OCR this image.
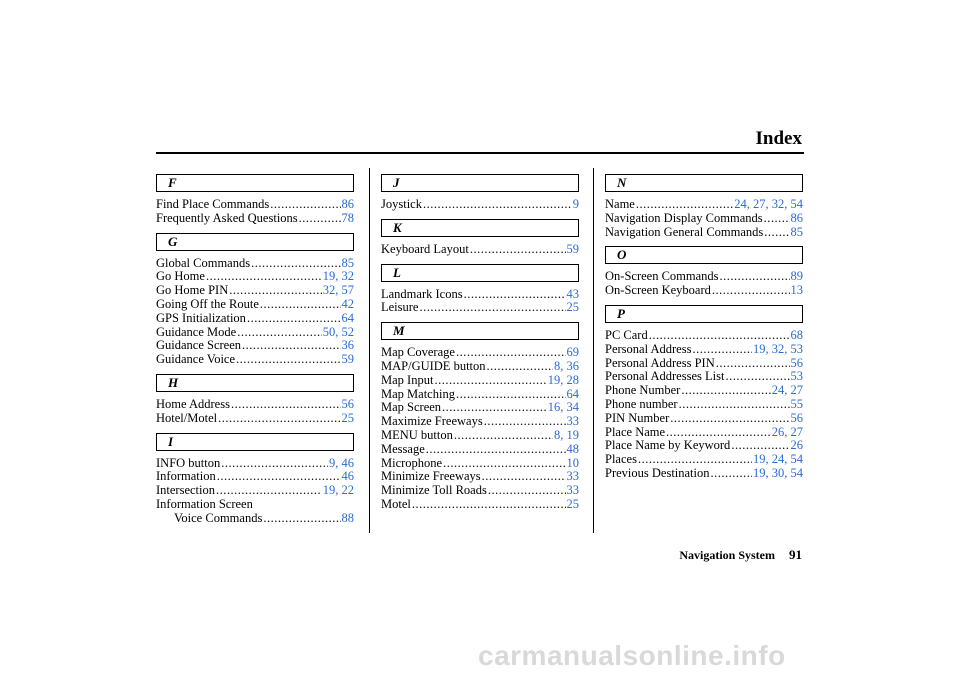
Index
F
Find Place Commands .....	86
Frequently Asked Questions .....	78
G
Global Commands .....	85
Go Home .....	19, 32
Go Home PIN .....	32, 57
Going Off the Route .....	42
GPS Initialization .....	64
Guidance Mode .....	50, 52
Guidance Screen .....	36
Guidance Voice .....	59
H
Home Address .....	56
Hotel/Motel .....	25
I
INFO button .....	9, 46
Information .....	46
Intersection .....	19, 22
Information Screen
Voice Commands .....	88
J
Joystick .....	9
K
Keyboard Layout .....	59
L
Landmark Icons .....	43
Leisure .....	25
M
Map Coverage .....	69
MAP/GUIDE button .....	8, 36
Map Input .....	19, 28
Map Matching .....	64
Map Screen .....	16, 34
Maximize Freeways .....	33
MENU button .....	8, 19
Message .....	48
Microphone .....	10
Minimize Freeways .....	33
Minimize Toll Roads .....	33
Motel .....	25
N
Name .....	24, 27, 32, 54
Navigation Display Commands ..... 86
Navigation General Commands ..... 85
O
On-Screen Commands .....	89
On-Screen Keyboard .....	13
P
PC Card .....	68
Personal Address .....	19, 32, 53
Personal Address PIN .....	56
Personal Addresses List .....	53
Phone Number .....	24, 27
Phone number .....	55
PIN Number .....	56
Place Name .....	26, 27
Place Name by Keyword .....	26
Places .....	19, 24, 54
Previous Destination .....	19, 30, 54
Navigation System 91
carmanualsonline.info
